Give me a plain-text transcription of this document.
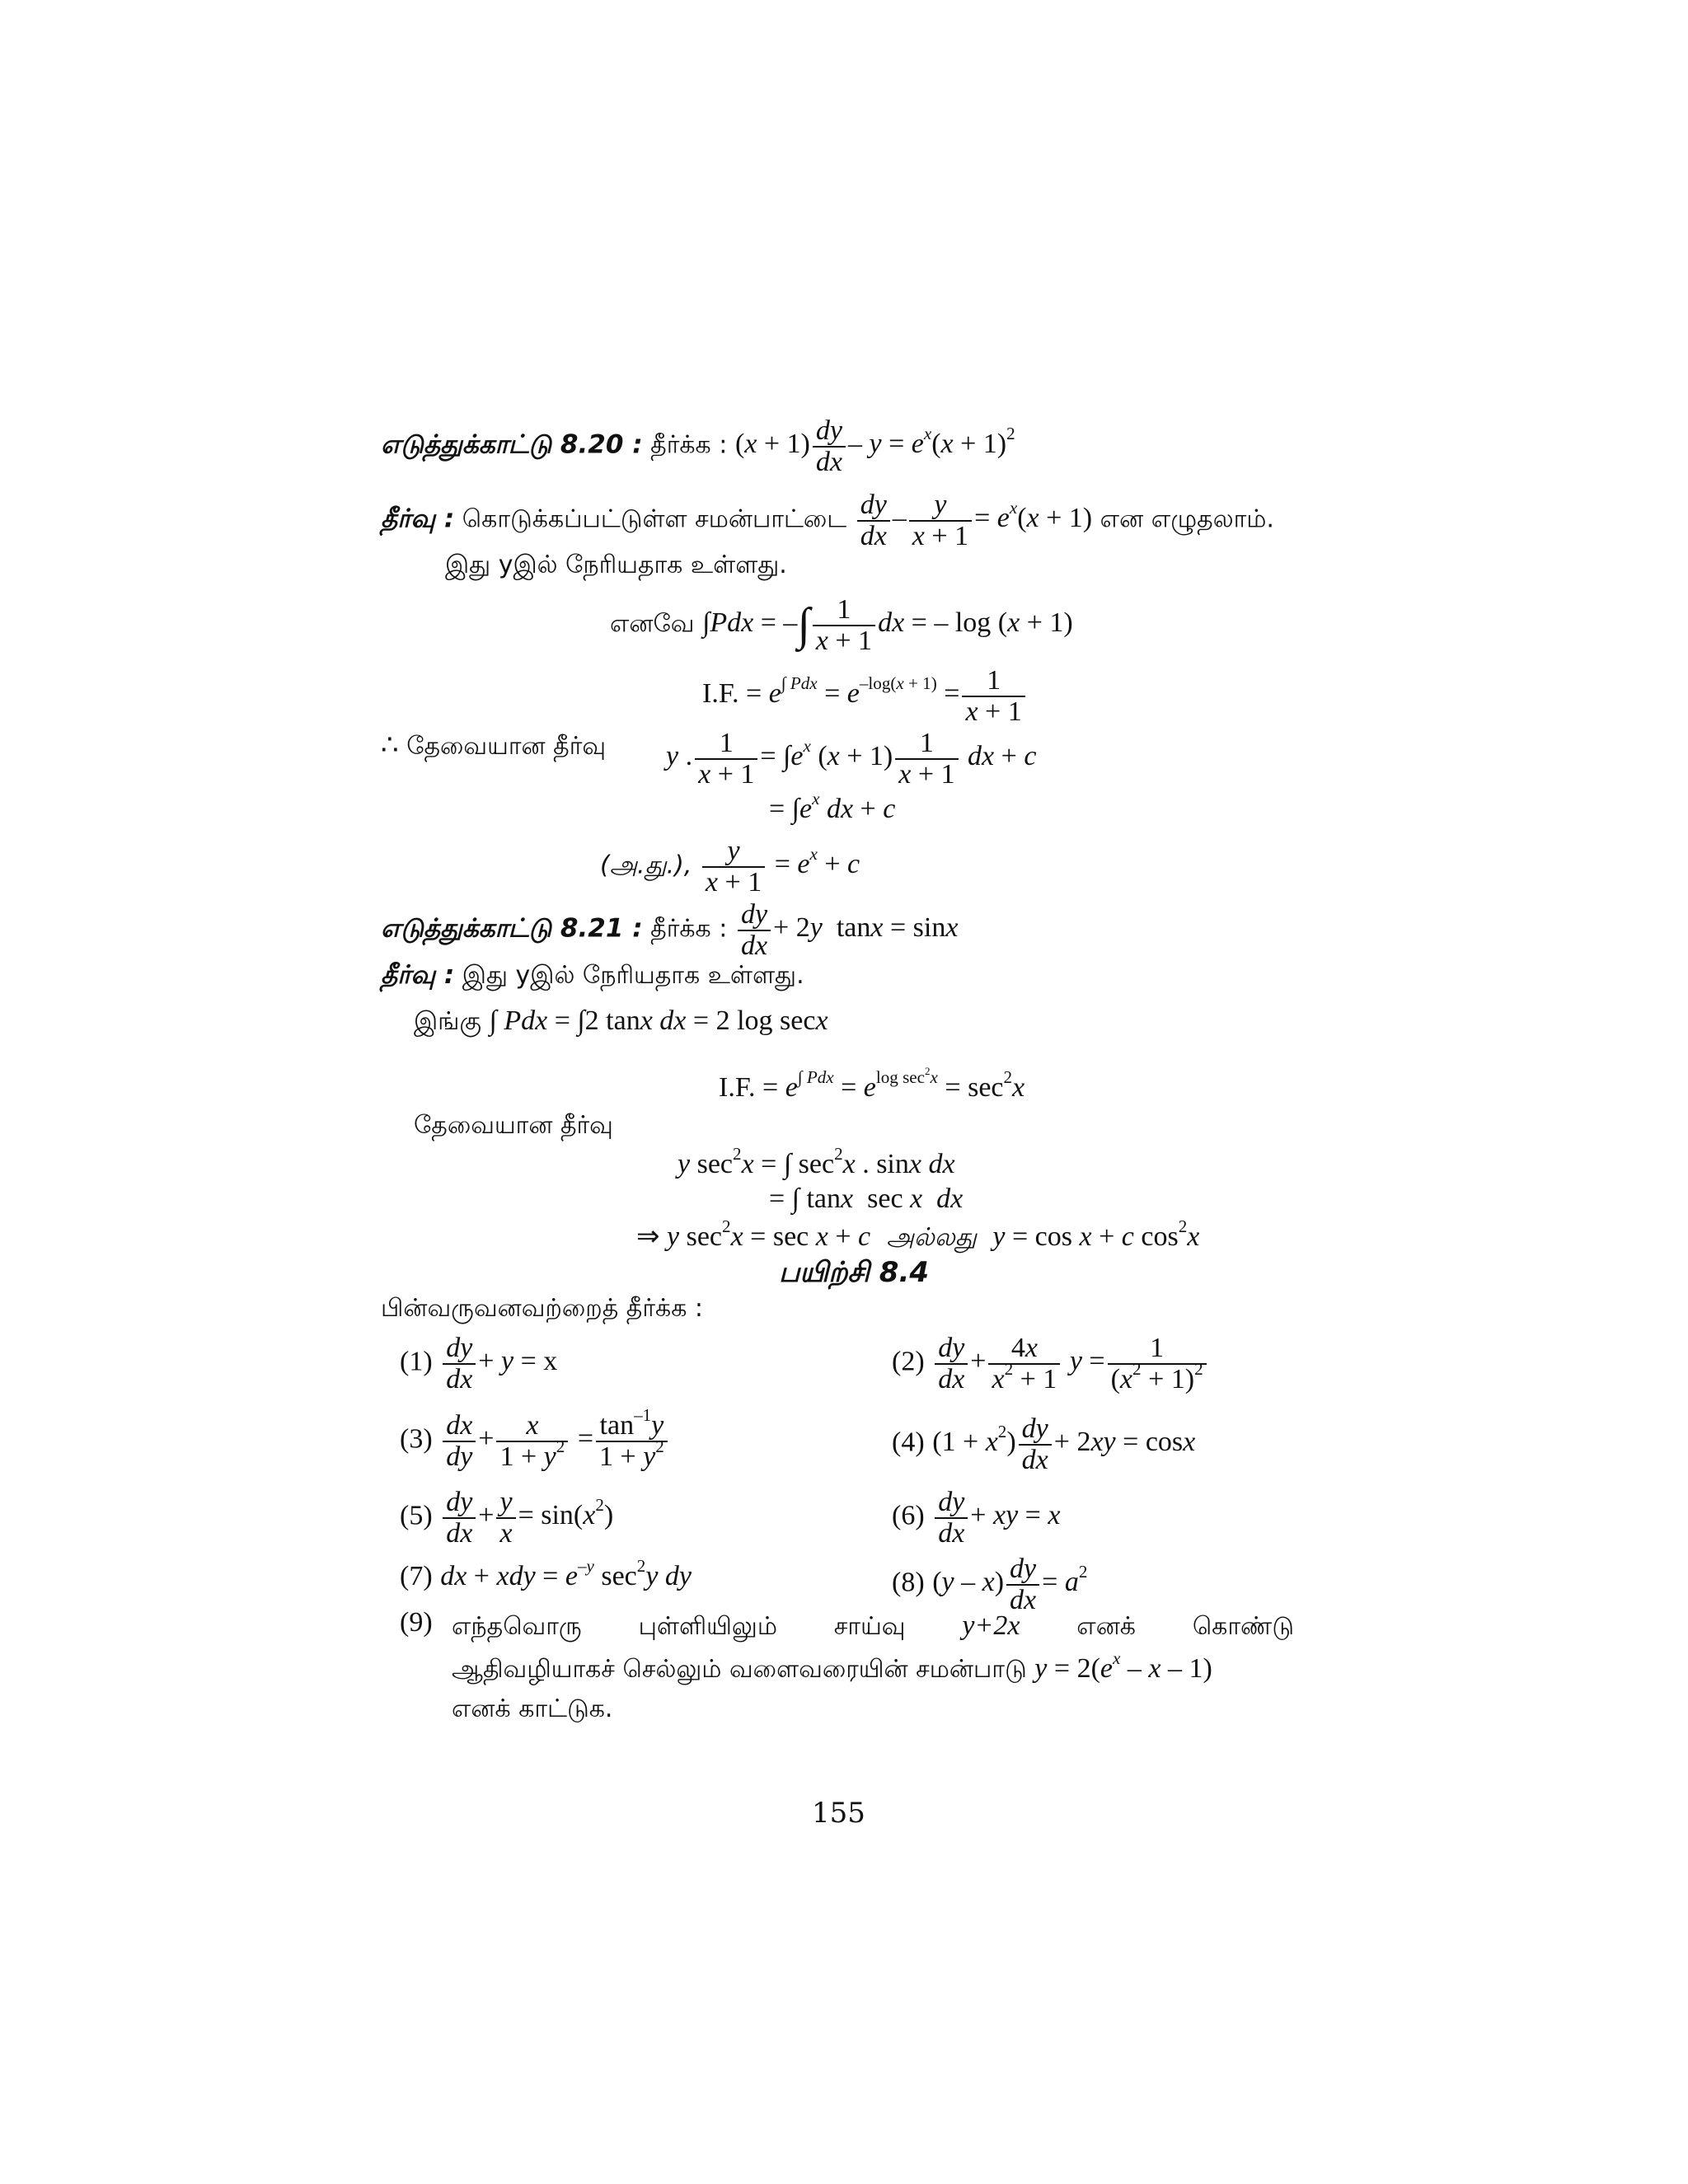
எடுத்துக்காட்டு 8.20 : தீர்க்க : $(x + 1) \frac{dy}{dx} - y = e^x(x + 1)^2$
தீர்வு : கொடுக்கப்பட்டுள்ள சமன்பாட்டை $\frac{dy}{dx} - \frac{y}{x + 1} = e^x(x + 1)$ என எழுதலாம்.
இது yஇல் நேரியதாக உள்ளது.
எனவே ∫Pdx = –∫ $\frac{1}{x + 1}$ dx = – log (x + 1)
I.F. = $e^{\int Pdx} = e^{-log(x + 1)} = \frac{1}{x + 1}$
∴ தேவையான தீர்வு y . $\frac{1}{x + 1} = \int e^x$ $(x + 1) \frac{1}{x + 1}$ dx + c
= $\int e^x$ dx + c
(அ.து.), $\frac{y}{x + 1} = e^x + c$
எடுத்துக்காட்டு 8.21 : தீர்க்க : $\frac{dy}{dx} + 2y$  tanx = sinx
தீர்வு : இது yஇல் நேரியதாக உள்ளது.
இங்கு ∫ Pdx = ∫2 tanx dx = 2 log secx
I.F. = $e^{\int Pdx} = e^{log sec^2x} = \sec^2x$
தேவையான தீர்வு
y $\sec^2x$ = ∫ $\sec^2x$ . sinx dx
= ∫ tanx  sec x dx
⇒ y $\sec^2x = \sec x + c$ அல்லது y = cos x + c $\cos^2x$
பயிற்சி 8.4
பின்வருவனவற்றைத் தீர்க்க :
$(1) \frac{dy}{dx} + y = x$	$(2) \frac{dy}{dx} + \frac{4x}{x^2 + 1}$ $y = \frac{1}{(x^2 + 1)^2}$
$(3) \frac{dx}{dy} + \frac{x}{1 + y^2} = \frac{\tan^{-1}y}{1 + y^2}$	(4) $(1 + x^2) \frac{dy}{dx} + 2xy = \cos x$
$(5) \frac{dy}{dx} + \frac{y}{x} = \sin(x^2)$	$(6) \frac{dy}{dx}$ + xy = x
(7) dx + xdy = $e^{-y}$ $\sec^2y$ dy	(8) $(y - x) \frac{dy}{dx} = a^2$
(9) எந்தவொரு புள்ளியிலும் சாய்வு y+2x எனக் கொண்டு
ஆதிவழியாகச் செல்லும் வளைவரையின் சமன்பாடு $y = 2(e^x - x - 1)$
எனக் காட்டுக.
155
